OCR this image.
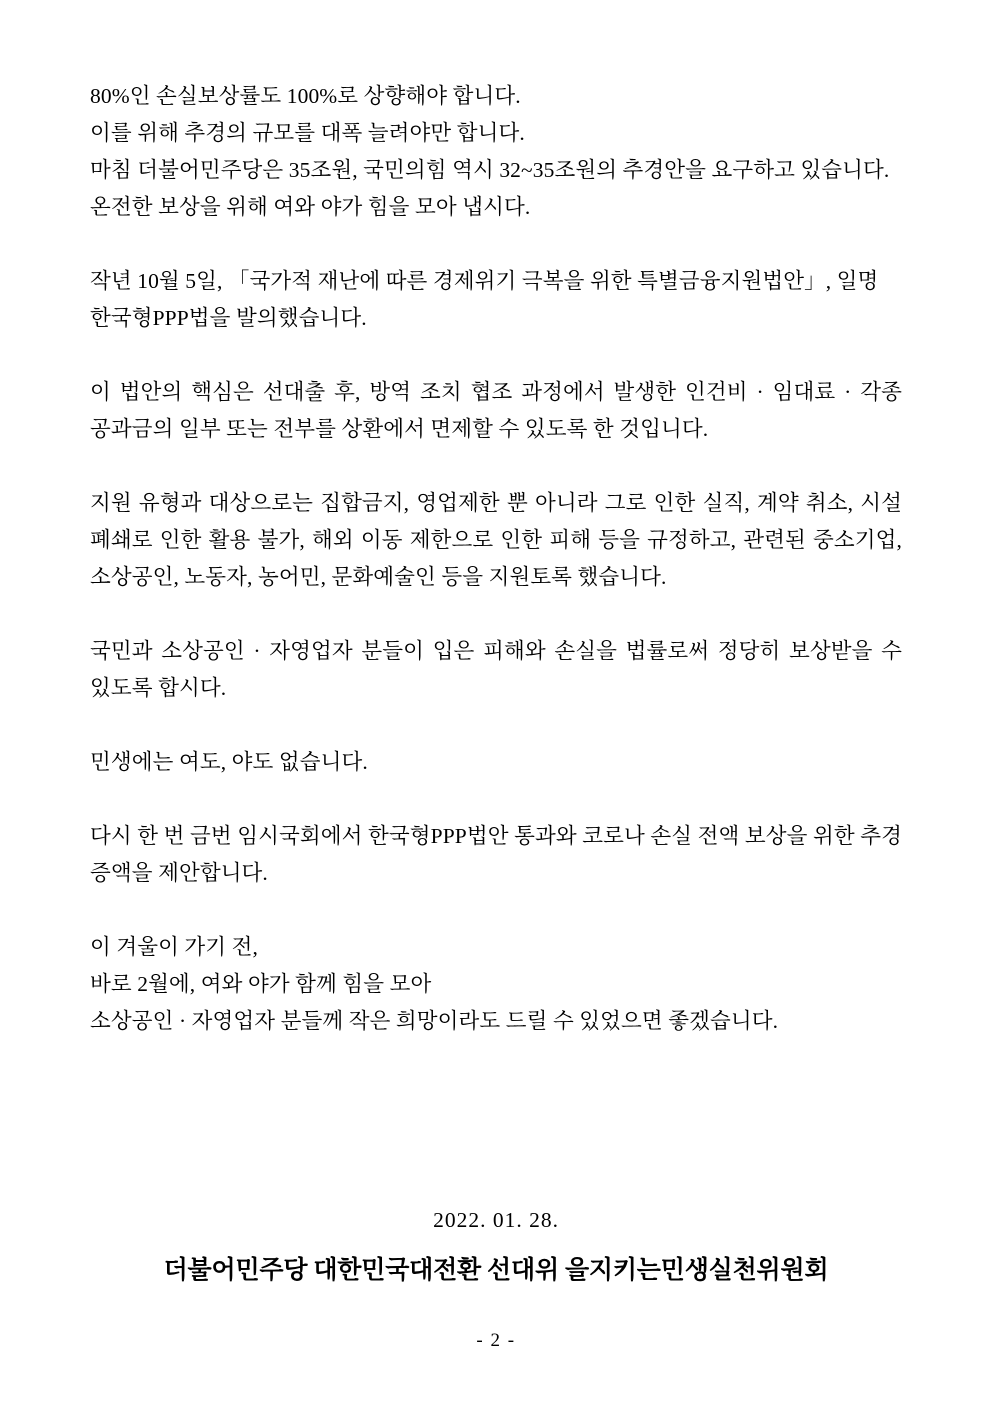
80%인 손실보상률도 100%로 상향해야 합니다.

이를 위해 추경의 규모를 대폭 늘려야만 합니다.

마침 더불어민주당은 35조원, 국민의힘 역시 32~35조원의 추경안을 요구하고 있습니다.

온전한 보상을 위해 여와 야가 힘을 모아 냅시다.

작년 10월 5일, 「국가적 재난에 따른 경제위기 극복을 위한 특별금융지원법안」, 일명 한국형PPP법을 발의했습니다.

이 법안의 핵심은 선대출 후, 방역 조치 협조 과정에서 발생한 인건비 · 임대료 · 각종 공과금의 일부 또는 전부를 상환에서 면제할 수 있도록 한 것입니다.

지원 유형과 대상으로는 집합금지, 영업제한 뿐 아니라 그로 인한 실직, 계약 취소, 시설 폐쇄로 인한 활용 불가, 해외 이동 제한으로 인한 피해 등을 규정하고, 관련된 중소기업, 소상공인, 노동자, 농어민, 문화예술인 등을 지원토록 했습니다.

국민과 소상공인 · 자영업자 분들이 입은 피해와 손실을 법률로써 정당히 보상받을 수 있도록 합시다.

민생에는 여도, 야도 없습니다.

다시 한 번 금번 임시국회에서 한국형PPP법안 통과와 코로나 손실 전액 보상을 위한 추경 증액을 제안합니다.

이 겨울이 가기 전,

바로 2월에, 여와 야가 함께 힘을 모아

소상공인 · 자영업자 분들께 작은 희망이라도 드릴 수 있었으면 좋겠습니다.

2022. 01. 28.
더불어민주당 대한민국대전환 선대위 을지키는민생실천위원회
- 2 -
